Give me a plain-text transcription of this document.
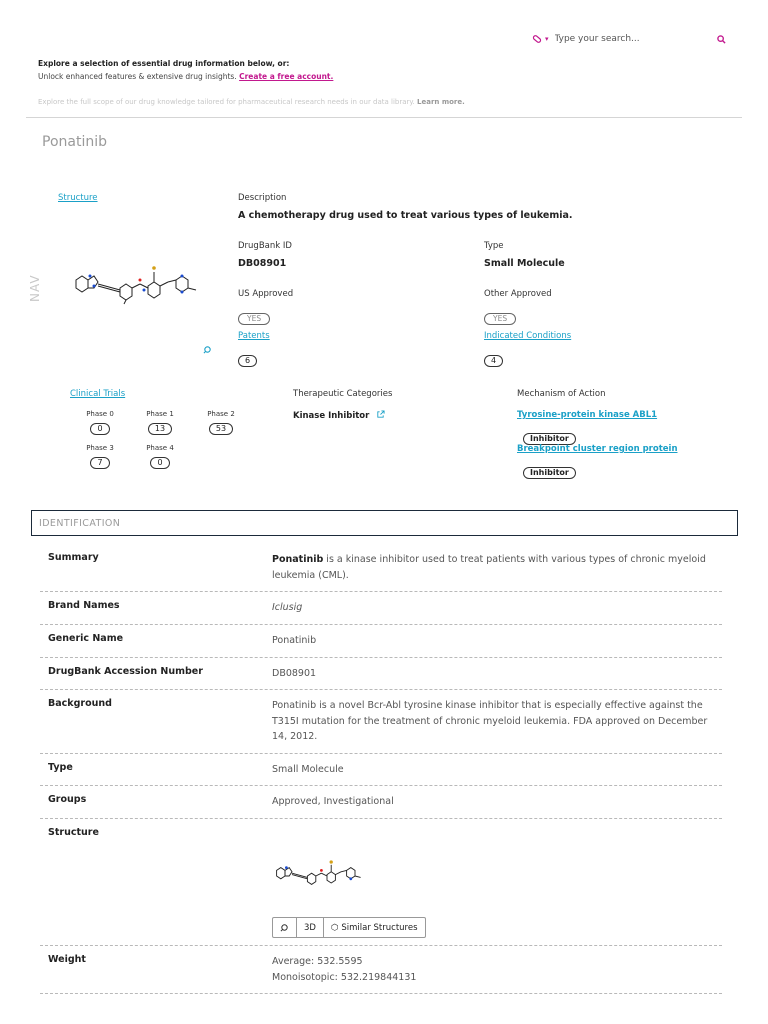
▾
Type your search...
Explore a selection of essential drug information below, or:
Unlock enhanced features & extensive drug insights. Create a free account.
Explore the full scope of our drug knowledge tailored for pharmaceutical research needs in our data library. Learn more.
Ponatinib
NAV
Structure	Description
A chemotherapy drug used to treat various types of leukemia.
DrugBank ID
DB08901
Type
Small Molecule
US Approved
YES
Other Approved
YES
Patents
6
Indicated Conditions
4
Clinical Trials
Phase 0
0
Phase 1
13
Phase 2
53
Phase 3
7
Phase 4
0
Therapeutic Categories
Kinase Inhibitor
Mechanism of Action
Tyrosine-protein kinase ABL1
Inhibitor
Breakpoint cluster region protein
Inhibitor
IDENTIFICATION
Summary	Ponatinib is a kinase inhibitor used to treat patients with various types of chronic myeloid leukemia (CML).
Brand Names	Iclusig
Generic Name	Ponatinib
DrugBank Accession Number	DB08901
Background	Ponatinib is a novel Bcr-Abl tyrosine kinase inhibitor that is especially effective against the T315I mutation for the treatment of chronic myeloid leukemia. FDA approved on December 14, 2012.
Type	Small Molecule
Groups	Approved, Investigational
Structure
3D	⬡ Similar Structures
Weight	Average: 532.5595
Monoisotopic: 532.219844131
